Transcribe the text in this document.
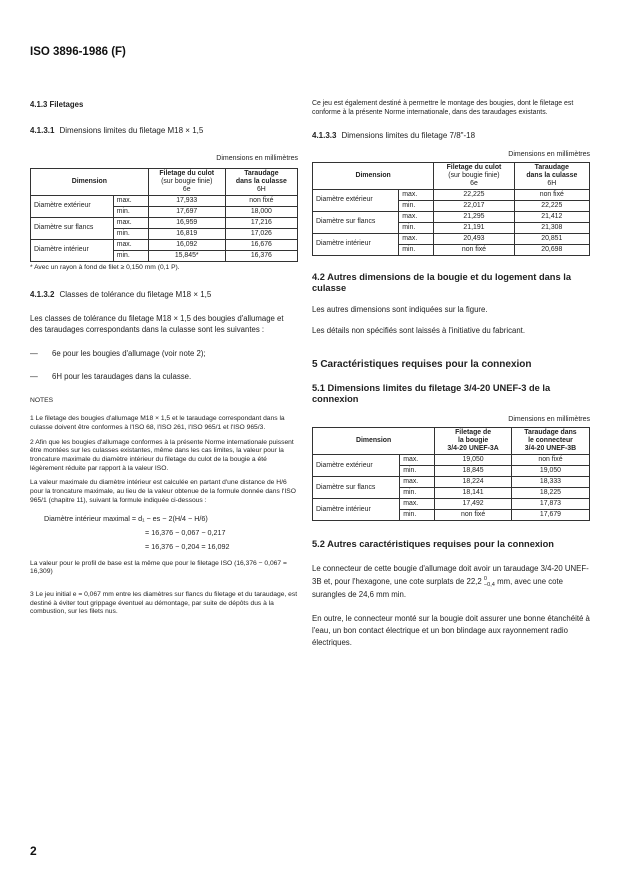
ISO 3896-1986 (F)

4.1.3 Filetages

4.1.3.1 Dimensions limites du filetage M18 × 1,5

Dimensions en millimètres
Dimension		Filetage du culot
(sur bougie finie)
6e	Taraudage
dans la culasse
6H
Diamètre extérieur	max.	17,933	non fixé
	min.	17,697	18,000
Diamètre sur flancs	max.	16,959	17,216
	min.	16,819	17,026
Diamètre intérieur	max.	16,092	16,676
	min.	15,845*	16,376

* Avec un rayon à fond de filet ≥ 0,150 mm (0,1 P).

4.1.3.2 Classes de tolérance du filetage M18 × 1,5

Les classes de tolérance du filetage M18 × 1,5 des bougies d'allumage et des taraudages correspondants dans la culasse sont les suivantes :

— 6e pour les bougies d'allumage (voir note 2);

— 6H pour les taraudages dans la culasse.

NOTES

1 Le filetage des bougies d'allumage M18 × 1,5 et le taraudage correspondant dans la culasse doivent être conformes à l'ISO 68, l'ISO 261, l'ISO 965/1 et l'ISO 965/3.

2 Afin que les bougies d'allumage conformes à la présente Norme internationale puissent être montées sur les culasses existantes, même dans les cas limites, la valeur pour la troncature maximale du diamètre intérieur du filetage du culot de la bougie a été légèrement réduite par rapport à la valeur ISO.

La valeur maximale du diamètre intérieur est calculée en partant d'une distance de H/6 pour la troncature maximale, au lieu de la valeur obtenue de la formule donnée dans l'ISO 965/1 (chapitre 11), suivant la formule indiquée ci-dessous :

Diamètre intérieur maximal = d₁ − es − 2(H/4 − H/6)

= 16,376 − 0,067 − 0,217

= 16,376 − 0,204 = 16,092

La valeur pour le profil de base est la même que pour le filetage ISO (16,376 − 0,067 = 16,309)

3 Le jeu initial e = 0,067 mm entre les diamètres sur flancs du filetage et du taraudage, est destiné à éviter tout grippage éventuel au démontage, par suite de dépôts dus à la combustion, sur les filets nus.

Ce jeu est également destiné à permettre le montage des bougies, dont le filetage est conforme à la présente Norme internationale, dans des taraudages existants.

4.1.3.3 Dimensions limites du filetage 7/8"-18

Dimensions en millimètres
Dimension		Filetage du culot
(sur bougie finie)
6e	Taraudage
dans la culasse
6H
Diamètre extérieur	max.	22,225	non fixé
	min.	22,017	22,225
Diamètre sur flancs	max.	21,295	21,412
	min.	21,191	21,308
Diamètre intérieur	max.	20,493	20,851
	min.	non fixé	20,698

4.2 Autres dimensions de la bougie et du logement dans la culasse

Les autres dimensions sont indiquées sur la figure.

Les détails non spécifiés sont laissés à l'initiative du fabricant.

5 Caractéristiques requises pour la connexion

5.1 Dimensions limites du filetage 3/4-20 UNEF-3 de la connexion

Dimensions en millimètres
Dimension		Filetage de
la bougie
3/4-20 UNEF-3A	Taraudage dans
le connecteur
3/4-20 UNEF-3B
Diamètre extérieur	max.	19,050	non fixé
	min.	18,845	19,050
Diamètre sur flancs	max.	18,224	18,333
	min.	18,141	18,225
Diamètre intérieur	max.	17,492	17,873
	min.	non fixé	17,679

5.2 Autres caractéristiques requises pour la connexion

Le connecteur de cette bougie d'allumage doit avoir un taraudage 3/4-20 UNEF-3B et, pour l'hexagone, une cote surplats de 22,2 0
−0,4 mm, avec une cote surangles de 24,6 mm min.

En outre, le connecteur monté sur la bougie doit assurer une bonne étanchéité à l'eau, un bon contact électrique et un bon blindage aux rayonnement radio électriques.

2
